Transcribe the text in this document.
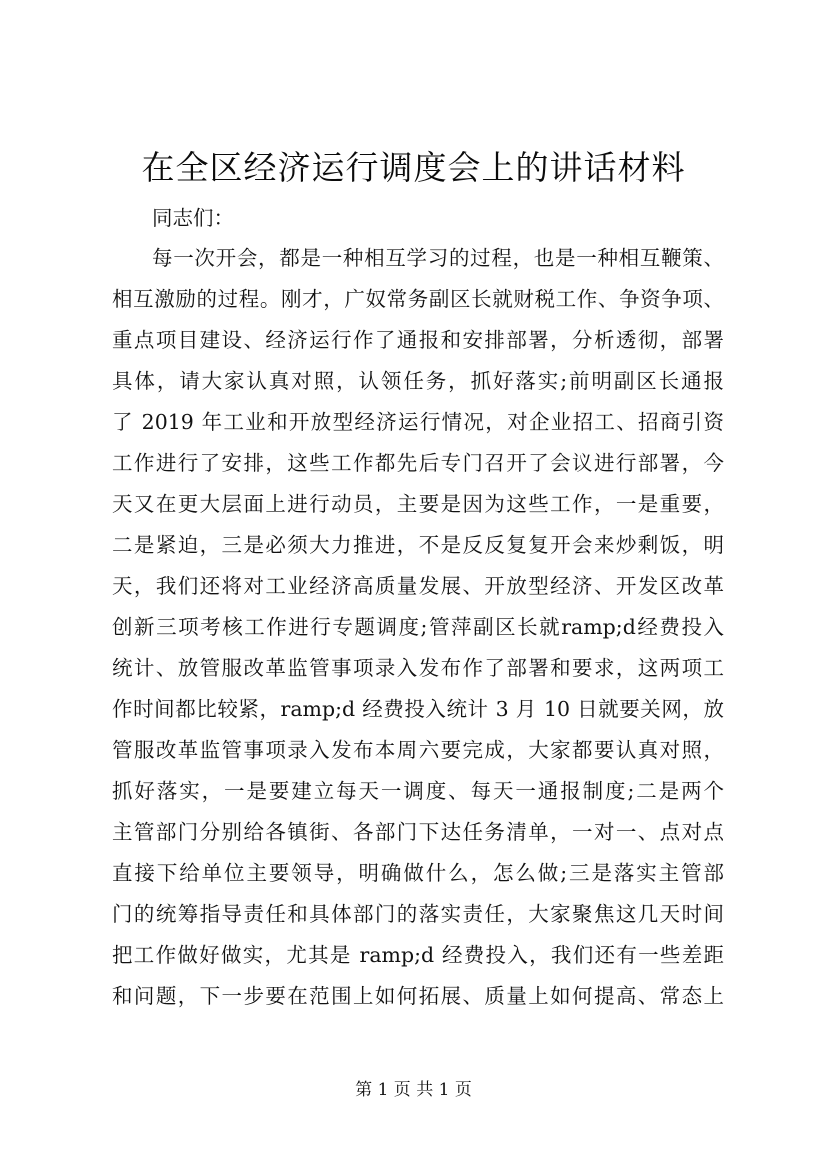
在全区经济运行调度会上的讲话材料
同志们：
每一次开会，都是一种相互学习的过程，也是一种相互鞭策、
相互激励的过程。刚才，广奴常务副区长就财税工作、争资争项、
重点项目建设、经济运行作了通报和安排部署，分析透彻，部署
具体，请大家认真对照，认领任务，抓好落实;前明副区长通报
了 2019 年工业和开放型经济运行情况，对企业招工、招商引资
工作进行了安排，这些工作都先后专门召开了会议进行部署，今
天又在更大层面上进行动员，主要是因为这些工作，一是重要，
二是紧迫，三是必须大力推进，不是反反复复开会来炒剩饭，明
天，我们还将对工业经济高质量发展、开放型经济、开发区改革
创新三项考核工作进行专题调度;管萍副区长就ramp;d经费投入
统计、放管服改革监管事项录入发布作了部署和要求，这两项工
作时间都比较紧，ramp;d 经费投入统计 3 月 10 日就要关网，放
管服改革监管事项录入发布本周六要完成，大家都要认真对照，
抓好落实，一是要建立每天一调度、每天一通报制度;二是两个
主管部门分别给各镇街、各部门下达任务清单，一对一、点对点
直接下给单位主要领导，明确做什么，怎么做;三是落实主管部
门的统筹指导责任和具体部门的落实责任，大家聚焦这几天时间
把工作做好做实，尤其是 ramp;d 经费投入，我们还有一些差距
和问题，下一步要在范围上如何拓展、质量上如何提高、常态上
第 1 页 共 1 页
